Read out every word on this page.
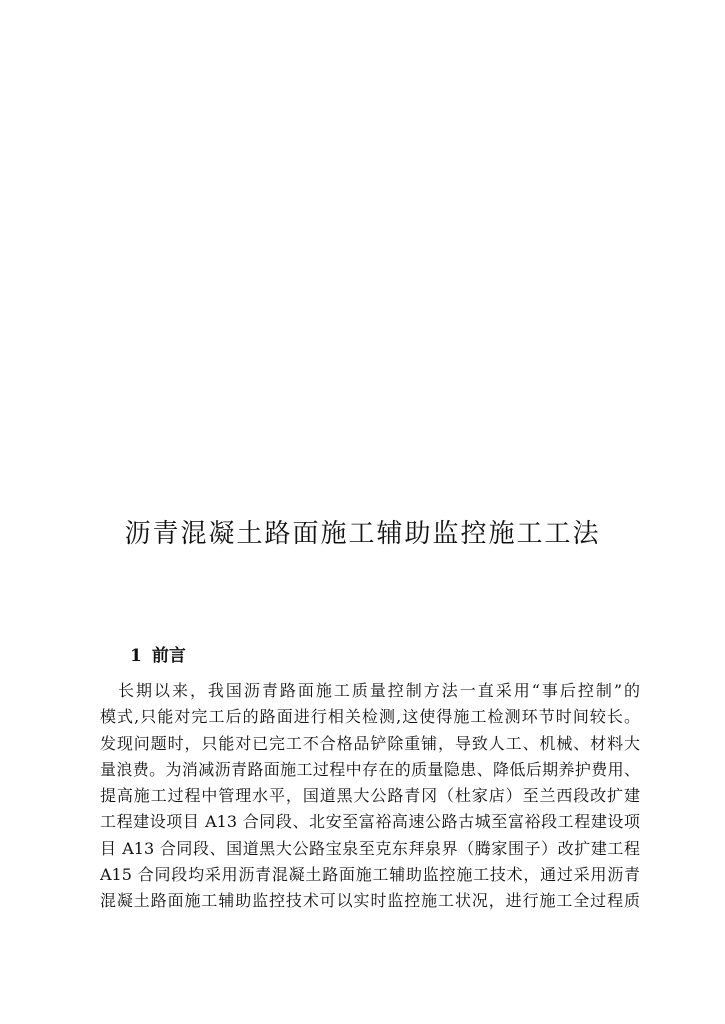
沥青混凝土路面施工辅助监控施工工法
1 前言
长期以来，我国沥青路面施工质量控制方法一直采用“事后控制”的
模式,只能对完工后的路面进行相关检测,这使得施工检测环节时间较长。
发现问题时，只能对已完工不合格品铲除重铺，导致人工、机械、材料大
量浪费。为消减沥青路面施工过程中存在的质量隐患、降低后期养护费用、
提高施工过程中管理水平，国道黑大公路青冈（杜家店）至兰西段改扩建
工程建设项目 A13 合同段、北安至富裕高速公路古城至富裕段工程建设项
目 A13 合同段、国道黑大公路宝泉至克东拜泉界（腾家围子）改扩建工程
A15 合同段均采用沥青混凝土路面施工辅助监控施工技术，通过采用沥青
混凝土路面施工辅助监控技术可以实时监控施工状况，进行施工全过程质
